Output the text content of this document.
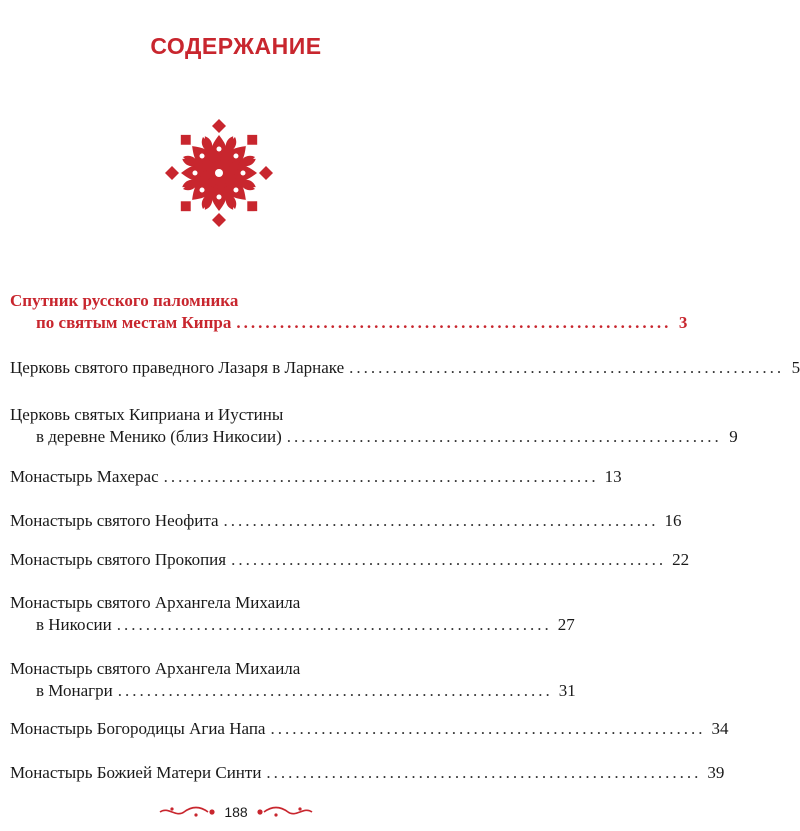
СОДЕРЖАНИЕ
Спутник русского паломника
по святым местам Кипра ............................................................ 3
Церковь святого праведного Лазаря в Ларнаке ............................................................ 5
Церковь святых Киприана и Иустины
в деревне Менико (близ Никосии) ............................................................ 9
Монастырь Махерас ............................................................ 13
Монастырь святого Неофита ............................................................ 16
Монастырь святого Прокопия ............................................................ 22
Монастырь святого Архангела Михаила
в Никосии ............................................................ 27
Монастырь святого Архангела Михаила
в Монагри ............................................................ 31
Монастырь Богородицы Агиа Напа ............................................................ 34
Монастырь Божией Матери Синти ............................................................ 39
188
